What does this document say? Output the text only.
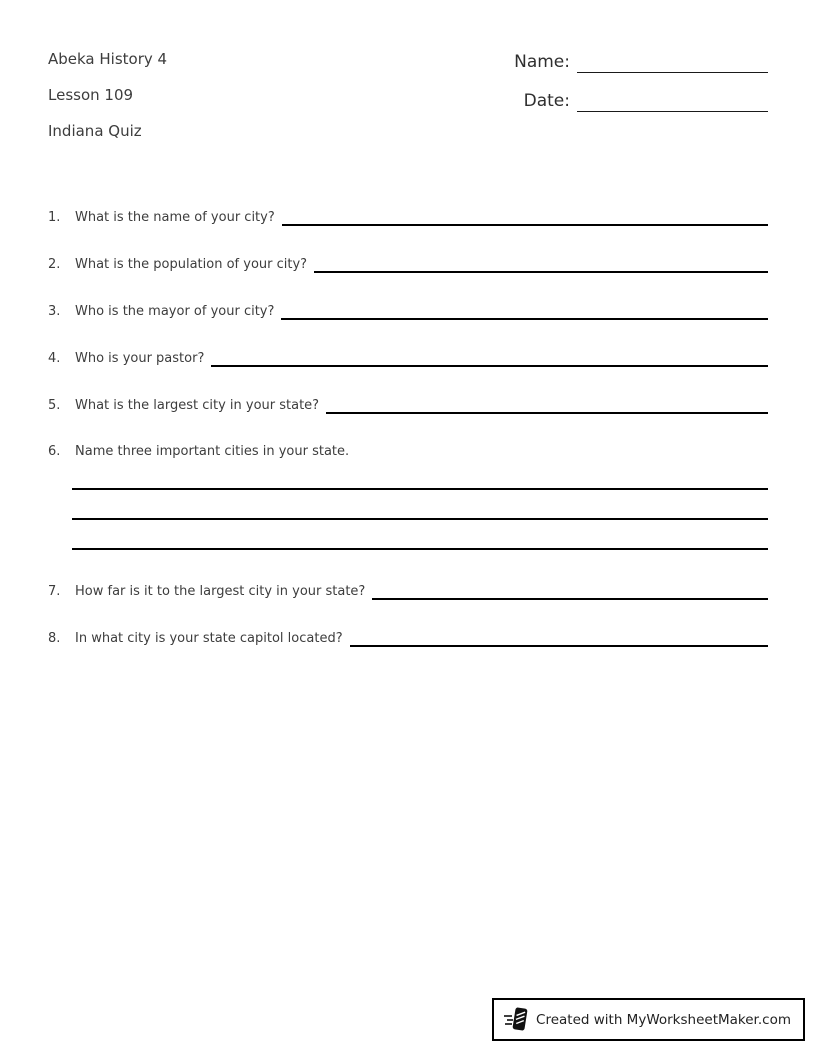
Abeka History 4

Lesson 109

Indiana Quiz

Name:
Date:
1.	What is the name of your city?
2.	What is the population of your city?
3.	Who is the mayor of your city?
4.	Who is your pastor?
5.	What is the largest city in your state?
6.	Name three important cities in your state.
7.	How far is it to the largest city in your state?
8.	In what city is your state capitol located?
Created with MyWorksheetMaker.com
